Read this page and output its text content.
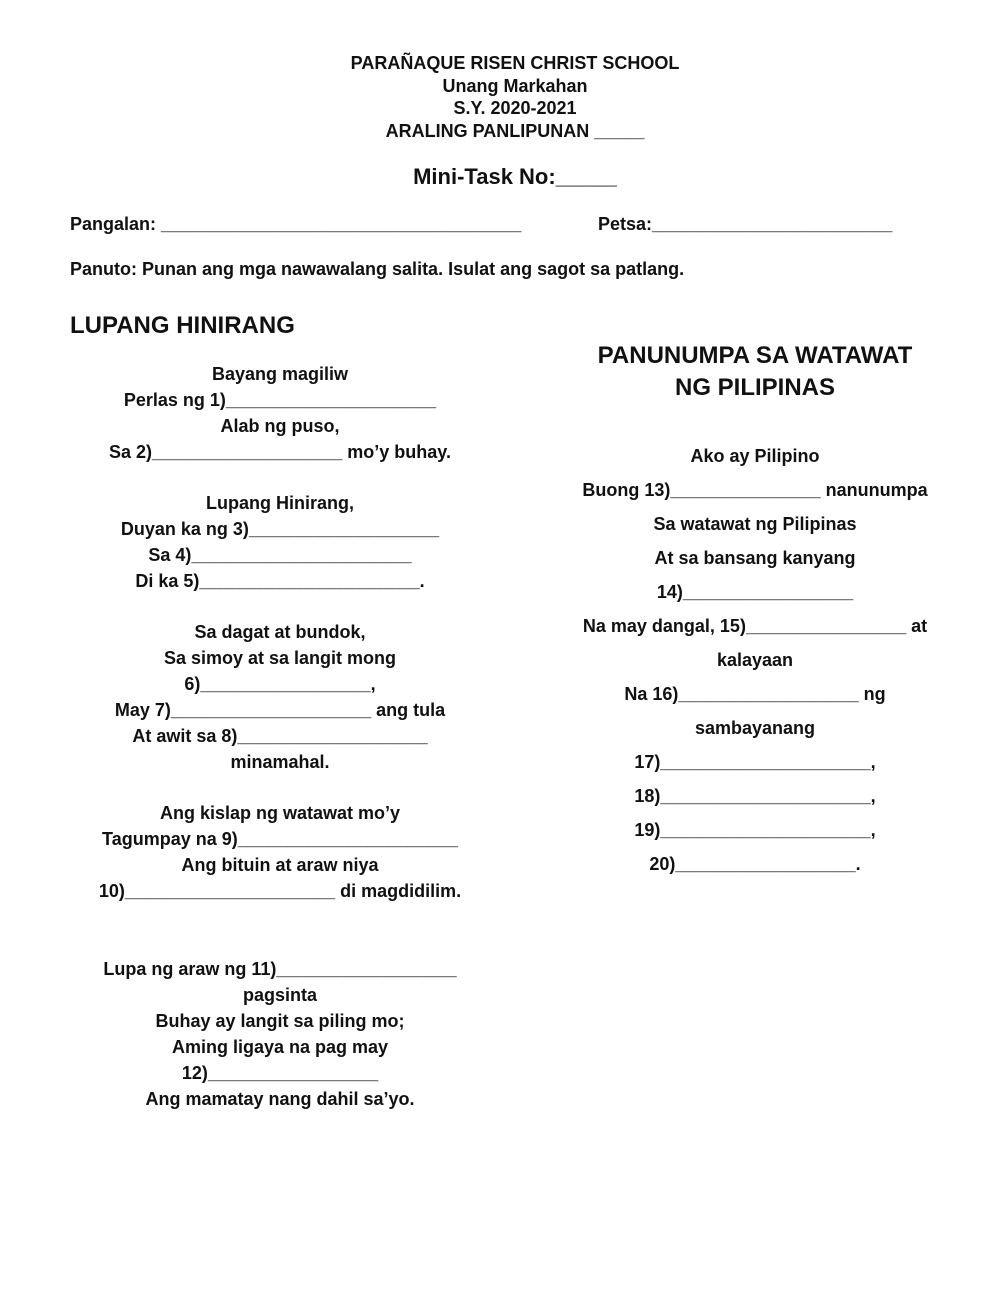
PARAÑAQUE RISEN CHRIST SCHOOL
Unang Markahan
S.Y. 2020-2021
ARALING PANLIPUNAN _____
Mini-Task No:_____
Pangalan: ____________________________________	Petsa:________________________
Panuto: Punan ang mga nawawalang salita. Isulat ang sagot sa patlang.
LUPANG HINIRANG
Bayang magiliw
Perlas ng 1)_____________________
Alab ng puso,
Sa 2)___________________ mo’y buhay.
Lupang Hinirang,
Duyan ka ng 3)___________________
Sa 4)______________________
Di ka 5)______________________.
Sa dagat at bundok,
Sa simoy at sa langit mong
6)_________________,
May 7)____________________ ang tula
At awit sa 8)___________________
minamahal.
Ang kislap ng watawat mo’y
Tagumpay na 9)______________________
Ang bituin at araw niya
10)_____________________ di magdidilim.
Lupa ng araw ng 11)__________________
pagsinta
Buhay ay langit sa piling mo;
Aming ligaya na pag may
12)_________________
Ang mamatay nang dahil sa’yo.
PANUNUMPA SA WATAWAT
NG PILIPINAS
Ako ay Pilipino
Buong 13)_______________ nanunumpa
Sa watawat ng Pilipinas
At sa bansang kanyang
14)_________________
Na may dangal, 15)________________ at
kalayaan
Na 16)__________________ ng
sambayanang
17)_____________________,
18)_____________________,
19)_____________________,
20)__________________.
